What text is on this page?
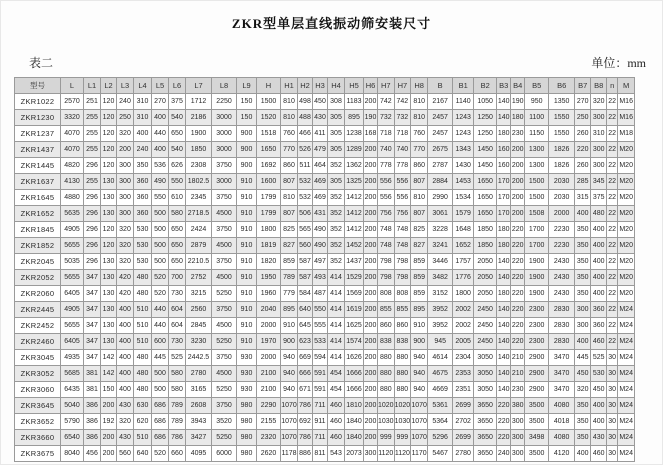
ZKR型单层直线振动筛安装尺寸
表二	单位：mm
型号	L	L1	L2	L3	L4	L5	L6	L7	L8	L9	H	H1	H2	H3	H4	H5	H6	H7	H7	H8	B	B1	B2	B3	B4	B5	B6	B7	B8	n	M
ZKR1022	2570	251	120	240	310	270	375	1712	2250	150	1500	810	498	450	308	1183	200	742	742	810	2167	1140	1050	140	190	950	1350	270	320	22	M16
ZKR1230	3320	255	120	250	310	400	540	2186	3000	150	1520	810	488	430	305	895	190	732	732	810	2457	1243	1250	140	180	1100	1550	250	300	22	M16
ZKR1237	4070	255	120	320	400	440	650	1900	3000	900	1518	760	466	411	305	1238	168	718	718	760	2457	1243	1250	180	230	1150	1550	260	310	22	M18
ZKR1437	4070	255	120	200	240	400	540	1850	3000	900	1650	770	526	479	305	1289	200	740	740	770	2675	1343	1450	160	200	1300	1826	220	300	22	M20
ZKR1445	4820	296	120	300	350	536	626	2308	3750	900	1692	860	511	464	352	1362	200	778	778	860	2787	1430	1450	160	200	1300	1826	260	300	22	M20
ZKR1637	4130	255	130	300	360	490	550	1802.5	3000	910	1600	807	532	469	305	1325	200	556	556	807	2884	1453	1650	170	200	1500	2030	285	345	22	M20
ZKR1645	4880	296	130	300	360	550	610	2345	3750	910	1799	810	532	469	352	1412	200	556	556	810	2990	1534	1650	170	200	1500	2030	315	375	22	M20
ZKR1652	5635	296	130	300	360	500	580	2718.5	4500	910	1799	807	506	431	352	1412	200	756	756	807	3061	1579	1650	170	200	1508	2000	400	480	22	M20
ZKR1845	4905	296	120	320	530	500	650	2424	3750	910	1800	825	565	490	352	1412	200	748	748	825	3228	1648	1850	180	220	1700	2230	350	400	22	M20
ZKR1852	5655	296	120	320	530	500	650	2879	4500	910	1819	827	560	490	352	1452	200	748	748	827	3241	1652	1850	180	220	1700	2230	350	400	22	M20
ZKR2045	5035	296	130	320	530	500	650	2210.5	3750	910	1820	859	587	497	352	1437	200	798	798	859	3446	1757	2050	140	220	1900	2430	350	400	22	M20
ZKR2052	5655	347	130	420	480	520	700	2752	4500	910	1950	789	587	493	414	1529	200	798	798	859	3482	1776	2050	140	220	1900	2430	350	400	22	M20
ZKR2060	6405	347	130	420	480	520	730	3215	5250	910	1960	779	584	487	414	1569	200	808	808	859	3152	1800	2050	180	220	1900	2430	350	400	22	M20
ZKR2445	4905	347	130	400	510	440	604	2560	3750	910	2040	895	640	550	414	1619	200	855	855	895	3952	2002	2450	140	220	2300	2830	300	360	22	M24
ZKR2452	5655	347	130	400	510	440	604	2845	4500	910	2000	910	645	555	414	1625	200	860	860	910	3952	2002	2450	140	220	2300	2830	300	360	22	M24
ZKR2460	6405	347	130	400	510	600	730	3230	5250	910	1970	900	623	533	414	1574	200	838	838	900	945	2005	2450	140	220	2300	2830	400	460	22	M24
ZKR3045	4935	347	142	400	480	445	525	2442.5	3750	930	2000	940	669	594	414	1626	200	880	880	940	4614	2304	3050	140	210	2900	3470	445	525	30	M24
ZKR3052	5685	381	142	400	480	500	580	2780	4500	930	2100	940	666	591	454	1666	200	880	880	940	4675	2353	3050	140	210	2900	3470	450	530	30	M24
ZKR3060	6435	381	150	400	480	500	580	3165	5250	930	2100	940	671	591	454	1666	200	880	880	940	4669	2351	3050	140	230	2900	3470	320	450	30	M24
ZKR3645	5040	386	200	430	630	686	789	2608	3750	980	2290	1070	786	711	460	1810	200	1020	1020	1070	5361	2699	3650	220	380	3500	4080	350	400	30	M24
ZKR3652	5790	386	192	320	620	686	789	3943	3520	980	2155	1070	692	911	460	1840	200	1030	1030	1070	5364	2702	3650	220	300	3500	4018	350	400	30	M24
ZKR3660	6540	386	200	430	510	686	786	3427	5250	980	2320	1070	786	711	460	1840	200	999	999	1070	5296	2699	3650	220	300	3498	4080	350	430	30	M24
ZKR3675	8040	456	200	560	640	520	660	4095	6000	980	2620	1178	886	811	543	2073	300	1120	1120	1170	5467	2780	3650	240	300	3500	4120	400	460	30	M24
